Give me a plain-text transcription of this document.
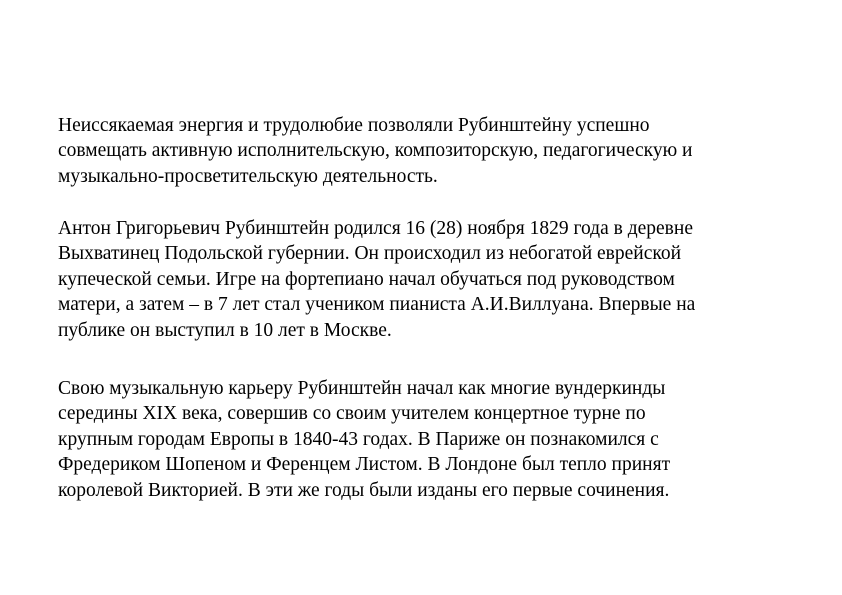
Неиссякаемая энергия и трудолюбие позволяли Рубинштейну успешно
совмещать активную исполнительскую, композиторскую, педагогическую и
музыкально-просветительскую деятельность.

Антон Григорьевич Рубинштейн родился 16 (28) ноября 1829 года в деревне
Выхватинец Подольской губернии. Он происходил из небогатой еврейской
купеческой семьи. Игре на фортепиано начал обучаться под руководством
матери, а затем – в 7 лет стал учеником пианиста А.И.Виллуана. Впервые на
публике он выступил в 10 лет в Москве.

Свою музыкальную карьеру Рубинштейн начал как многие вундеркинды
середины XIX века, совершив со своим учителем концертное турне по
крупным городам Европы в 1840-43 годах. В Париже он познакомился с
Фредериком Шопеном и Ференцем Листом. В Лондоне был тепло принят
королевой Викторией. В эти же годы были изданы его первые сочинения.
